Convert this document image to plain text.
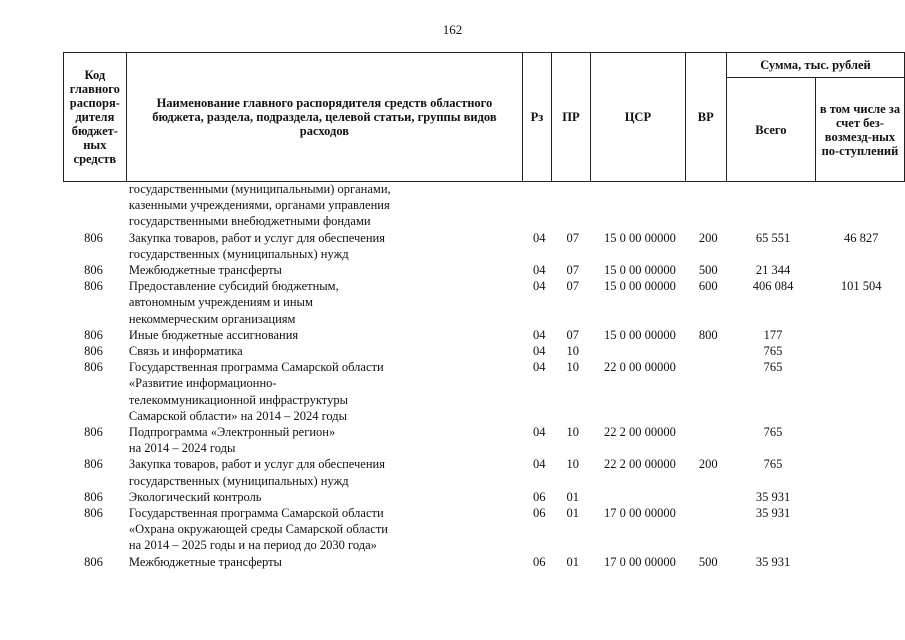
162
Код главного распоря-дителя бюджет-ных средств	Наименование главного распорядителя средств областного бюджета, раздела, подраздела, целевой статьи, группы видов расходов	Рз	ПР	ЦСР	ВР	Сумма, тыс. рублей	
						Всего	в том числе за счет без-возмезд-ных по-ступлений

	государственными (муниципальными) органами,
казенными учреждениями, органами управления
государственными внебюджетными фондами						

806	Закупка товаров, работ и услуг для обеспечения
государственных (муниципальных) нужд	04	07	15 0 00 00000	200	65 551	46 827
806	Межбюджетные трансферты	04	07	15 0 00 00000	500	21 344	
806	Предоставление субсидий бюджетным,
автономным учреждениям и иным
некоммерческим организациям	04	07	15 0 00 00000	600	406 084	101 504
806	Иные бюджетные ассигнования	04	07	15 0 00 00000	800	177	
806	Связь и информатика	04	10			765	
806	Государственная программа Самарской области
«Развитие информационно-
телекоммуникационной инфраструктуры
Самарской области» на 2014 – 2024 годы	04	10	22 0 00 00000		765	
806	Подпрограмма «Электронный регион»
на 2014 – 2024 годы	04	10	22 2 00 00000		765	
806	Закупка товаров, работ и услуг для обеспечения
государственных (муниципальных) нужд	04	10	22 2 00 00000	200	765	
806	Экологический контроль	06	01			35 931	
806	Государственная программа Самарской области
«Охрана окружающей среды Самарской области
на 2014 – 2025 годы и на период до 2030 года»	06	01	17 0 00 00000		35 931	
806	Межбюджетные трансферты	06	01	17 0 00 00000	500	35 931	
